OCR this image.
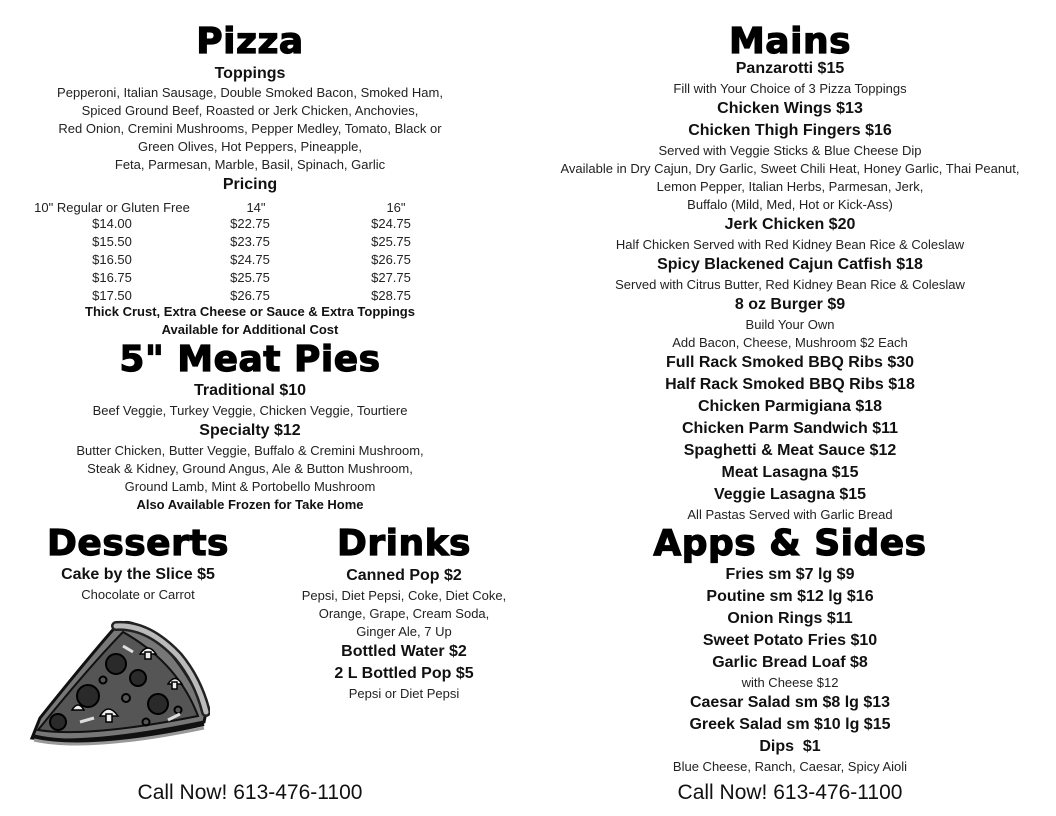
Pizza
Toppings
Pepperoni, Italian Sausage, Double Smoked Bacon, Smoked Ham,
Spiced Ground Beef, Roasted or Jerk Chicken, Anchovies,
Red Onion, Cremini Mushrooms, Pepper Medley, Tomato, Black or
Green Olives, Hot Peppers, Pineapple,
Feta, Parmesan, Marble, Basil, Spinach, Garlic
Pricing
10" Regular or Gluten Free	14"	16"
$14.00	$22.75	$24.75
$15.50	$23.75	$25.75
$16.50	$24.75	$26.75
$16.75	$25.75	$27.75
$17.50	$26.75	$28.75
Thick Crust, Extra Cheese or Sauce & Extra Toppings
Available for Additional Cost
5" Meat Pies
Traditional $10
Beef Veggie, Turkey Veggie, Chicken Veggie, Tourtiere
Specialty $12
Butter Chicken, Butter Veggie, Buffalo & Cremini Mushroom,
Steak & Kidney, Ground Angus, Ale & Button Mushroom,
Ground Lamb, Mint & Portobello Mushroom
Also Available Frozen for Take Home
Desserts
Cake by the Slice $5
Chocolate or Carrot
Drinks
Canned Pop $2
Pepsi, Diet Pepsi, Coke, Diet Coke,
Orange, Grape, Cream Soda,
Ginger Ale, 7 Up
Bottled Water $2
2 L Bottled Pop $5
Pepsi or Diet Pepsi
Call Now! 613-476-1100
Mains
Panzarotti $15
Fill with Your Choice of 3 Pizza Toppings
Chicken Wings $13
Chicken Thigh Fingers $16
Served with Veggie Sticks & Blue Cheese Dip
Available in Dry Cajun, Dry Garlic, Sweet Chili Heat, Honey Garlic, Thai Peanut,
Lemon Pepper, Italian Herbs, Parmesan, Jerk,
Buffalo (Mild, Med, Hot or Kick-Ass)
Jerk Chicken $20
Half Chicken Served with Red Kidney Bean Rice & Coleslaw
Spicy Blackened Cajun Catfish $18
Served with Citrus Butter, Red Kidney Bean Rice & Coleslaw
8 oz Burger $9
Build Your Own
Add Bacon, Cheese, Mushroom $2 Each
Full Rack Smoked BBQ Ribs $30
Half Rack Smoked BBQ Ribs $18
Chicken Parmigiana $18
Chicken Parm Sandwich $11
Spaghetti & Meat Sauce $12
Meat Lasagna $15
Veggie Lasagna $15
All Pastas Served with Garlic Bread
Apps & Sides
Fries sm $7 lg $9
Poutine sm $12 lg $16
Onion Rings $11
Sweet Potato Fries $10
Garlic Bread Loaf $8
with Cheese $12
Caesar Salad sm $8 lg $13
Greek Salad sm $10 lg $15
Dips  $1
Blue Cheese, Ranch, Caesar, Spicy Aioli
Call Now! 613-476-1100
